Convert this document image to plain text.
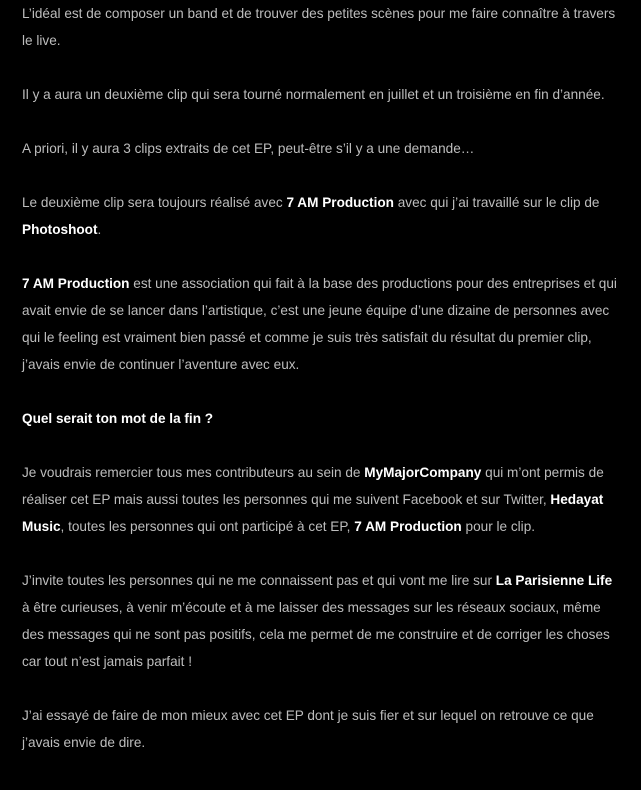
L’idéal est de composer un band et de trouver des petites scènes pour me faire connaître à travers le live.

Il y a aura un deuxième clip qui sera tourné normalement en juillet et un troisième en fin d’année.

A priori, il y aura 3 clips extraits de cet EP, peut-être s’il y a une demande…

Le deuxième clip sera toujours réalisé avec 7 AM Production avec qui j’ai travaillé sur le clip de Photoshoot.

7 AM Production est une association qui fait à la base des productions pour des entreprises et qui avait envie de se lancer dans l’artistique, c’est une jeune équipe d’une dizaine de personnes avec qui le feeling est vraiment bien passé et comme je suis très satisfait du résultat du premier clip, j’avais envie de continuer l’aventure avec eux.

Quel serait ton mot de la fin ?

Je voudrais remercier tous mes contributeurs au sein de MyMajorCompany qui m’ont permis de réaliser cet EP mais aussi toutes les personnes qui me suivent Facebook et sur Twitter, Hedayat Music, toutes les personnes qui ont participé à cet EP, 7 AM Production pour le clip.

J’invite toutes les personnes qui ne me connaissent pas et qui vont me lire sur La Parisienne Life à être curieuses, à venir m’écoute et à me laisser des messages sur les réseaux sociaux, même des messages qui ne sont pas positifs, cela me permet de me construire et de corriger les choses car tout n’est jamais parfait !

J’ai essayé de faire de mon mieux avec cet EP dont je suis fier et sur lequel on retrouve ce que j’avais envie de dire.
